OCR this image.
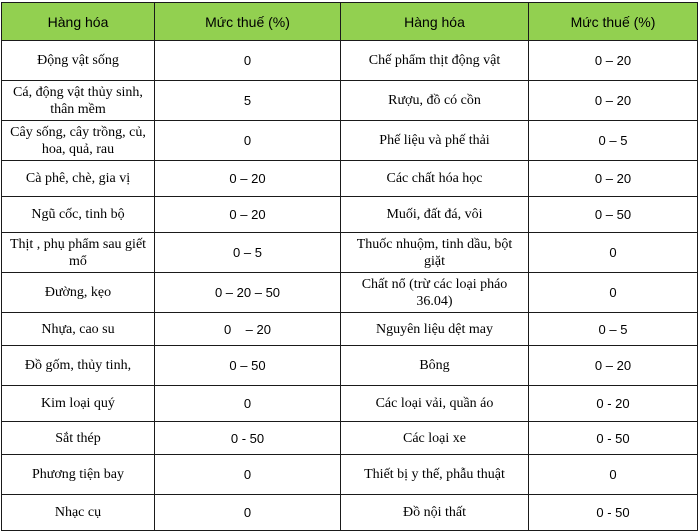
Hàng hóa	Mức thuế (%)	Hàng hóa	Mức thuế (%)
Động vật sống	0	Chế phẩm thịt động vật	0 – 20
Cá, động vật thủy sinh, thân mềm	5	Rượu, đồ có cồn	0 – 20
Cây sống, cây trồng, củ, hoa, quả, rau	0	Phế liệu và phế thải	0 – 5
Cà phê, chè, gia vị	0 – 20	Các chất hóa học	0 – 20
Ngũ cốc, tinh bộ	0 – 20	Muối, đất đá, vôi	0 – 50
Thịt , phụ phẩm sau giết mổ	0 – 5	Thuốc nhuộm, tinh dầu, bột giặt	0
Đường, kẹo	0 – 20 – 50	Chất nổ (trừ các loại pháo 36.04)	0
Nhựa, cao su	0    – 20	Nguyên liệu dệt may	0 – 5
Đồ gốm, thủy tinh,	0 – 50	Bông	0 – 20
Kim loại quý	0	Các loại vải, quần áo	0 - 20
Sắt thép	0 - 50	Các loại xe	0 - 50
Phương tiện bay	0	Thiết bị y thế, phẫu thuật	0
Nhạc cụ	0	Đồ nội thất	0 - 50
